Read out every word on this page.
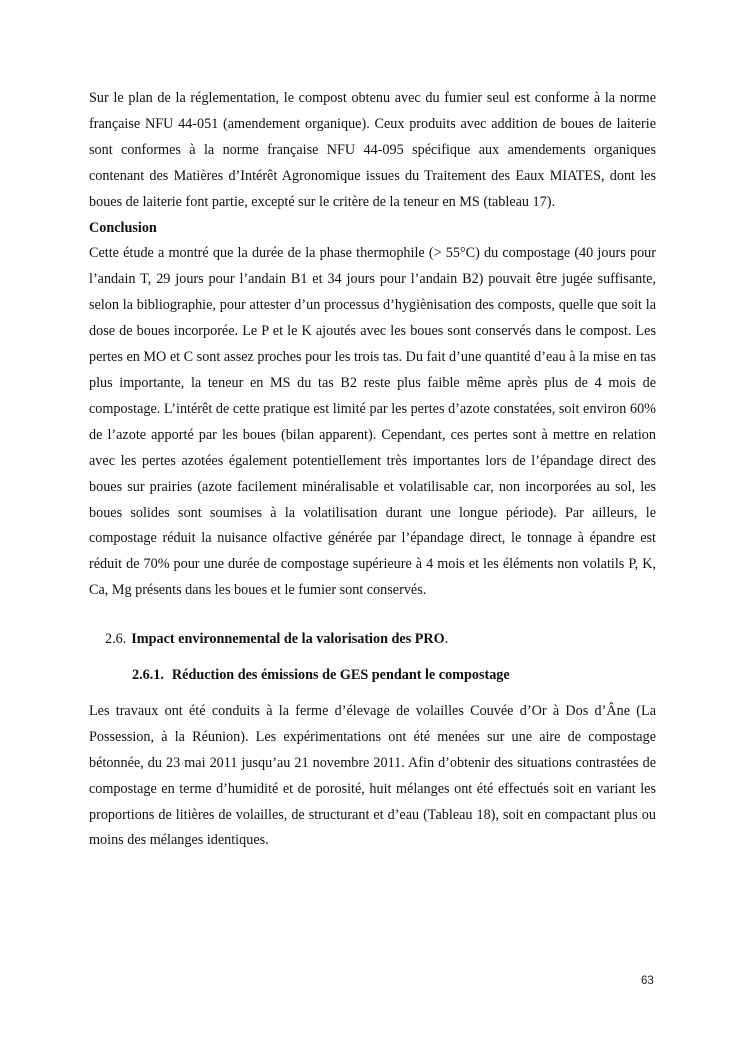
Sur le plan de la réglementation, le compost obtenu avec du fumier seul est conforme à la norme française NFU 44-051 (amendement organique). Ceux produits avec addition de boues de laiterie sont conformes à la norme française NFU 44-095 spécifique aux amendements organiques contenant des Matières d’Intérêt Agronomique issues du Traitement des Eaux MIATES, dont les boues de laiterie font partie, excepté sur le critère de la teneur en MS (tableau 17).

Conclusion

Cette étude a montré que la durée de la phase thermophile (> 55°C) du compostage (40 jours pour l’andain T, 29 jours pour l’andain B1 et 34 jours pour l’andain B2) pouvait être jugée suffisante, selon la bibliographie, pour attester d’un processus d’hygiènisation des composts, quelle que soit la dose de boues incorporée. Le P et le K ajoutés avec les boues sont conservés dans le compost. Les pertes en MO et C sont assez proches pour les trois tas. Du fait d’une quantité d’eau à la mise en tas plus importante, la teneur en MS du tas B2 reste plus faible même après plus de 4 mois de compostage. L’intérêt de cette pratique est limité par les pertes d’azote constatées, soit environ 60% de l’azote apporté par les boues (bilan apparent). Cependant, ces pertes sont à mettre en relation avec les pertes azotées également potentiellement très importantes lors de l’épandage direct des boues sur prairies (azote facilement minéralisable et volatilisable car, non incorporées au sol, les boues solides sont soumises à la volatilisation durant une longue période). Par ailleurs, le compostage réduit la nuisance olfactive générée par l’épandage direct, le tonnage à épandre est réduit de 70% pour une durée de compostage supérieure à 4 mois et les éléments non volatils P, K, Ca, Mg présents dans les boues et le fumier sont conservés.

2.6. Impact environnemental de la valorisation des PRO.
2.6.1. Réduction des émissions de GES pendant le compostage

Les travaux ont été conduits à la ferme d’élevage de volailles Couvée d’Or à Dos d’Âne (La Possession, à la Réunion). Les expérimentations ont été menées sur une aire de compostage bétonnée, du 23 mai 2011 jusqu’au 21 novembre 2011. Afin d’obtenir des situations contrastées de compostage en terme d’humidité et de porosité, huit mélanges ont été effectués soit en variant les proportions de litières de volailles, de structurant et d’eau (Tableau 18), soit en compactant plus ou moins des mélanges identiques.

63
